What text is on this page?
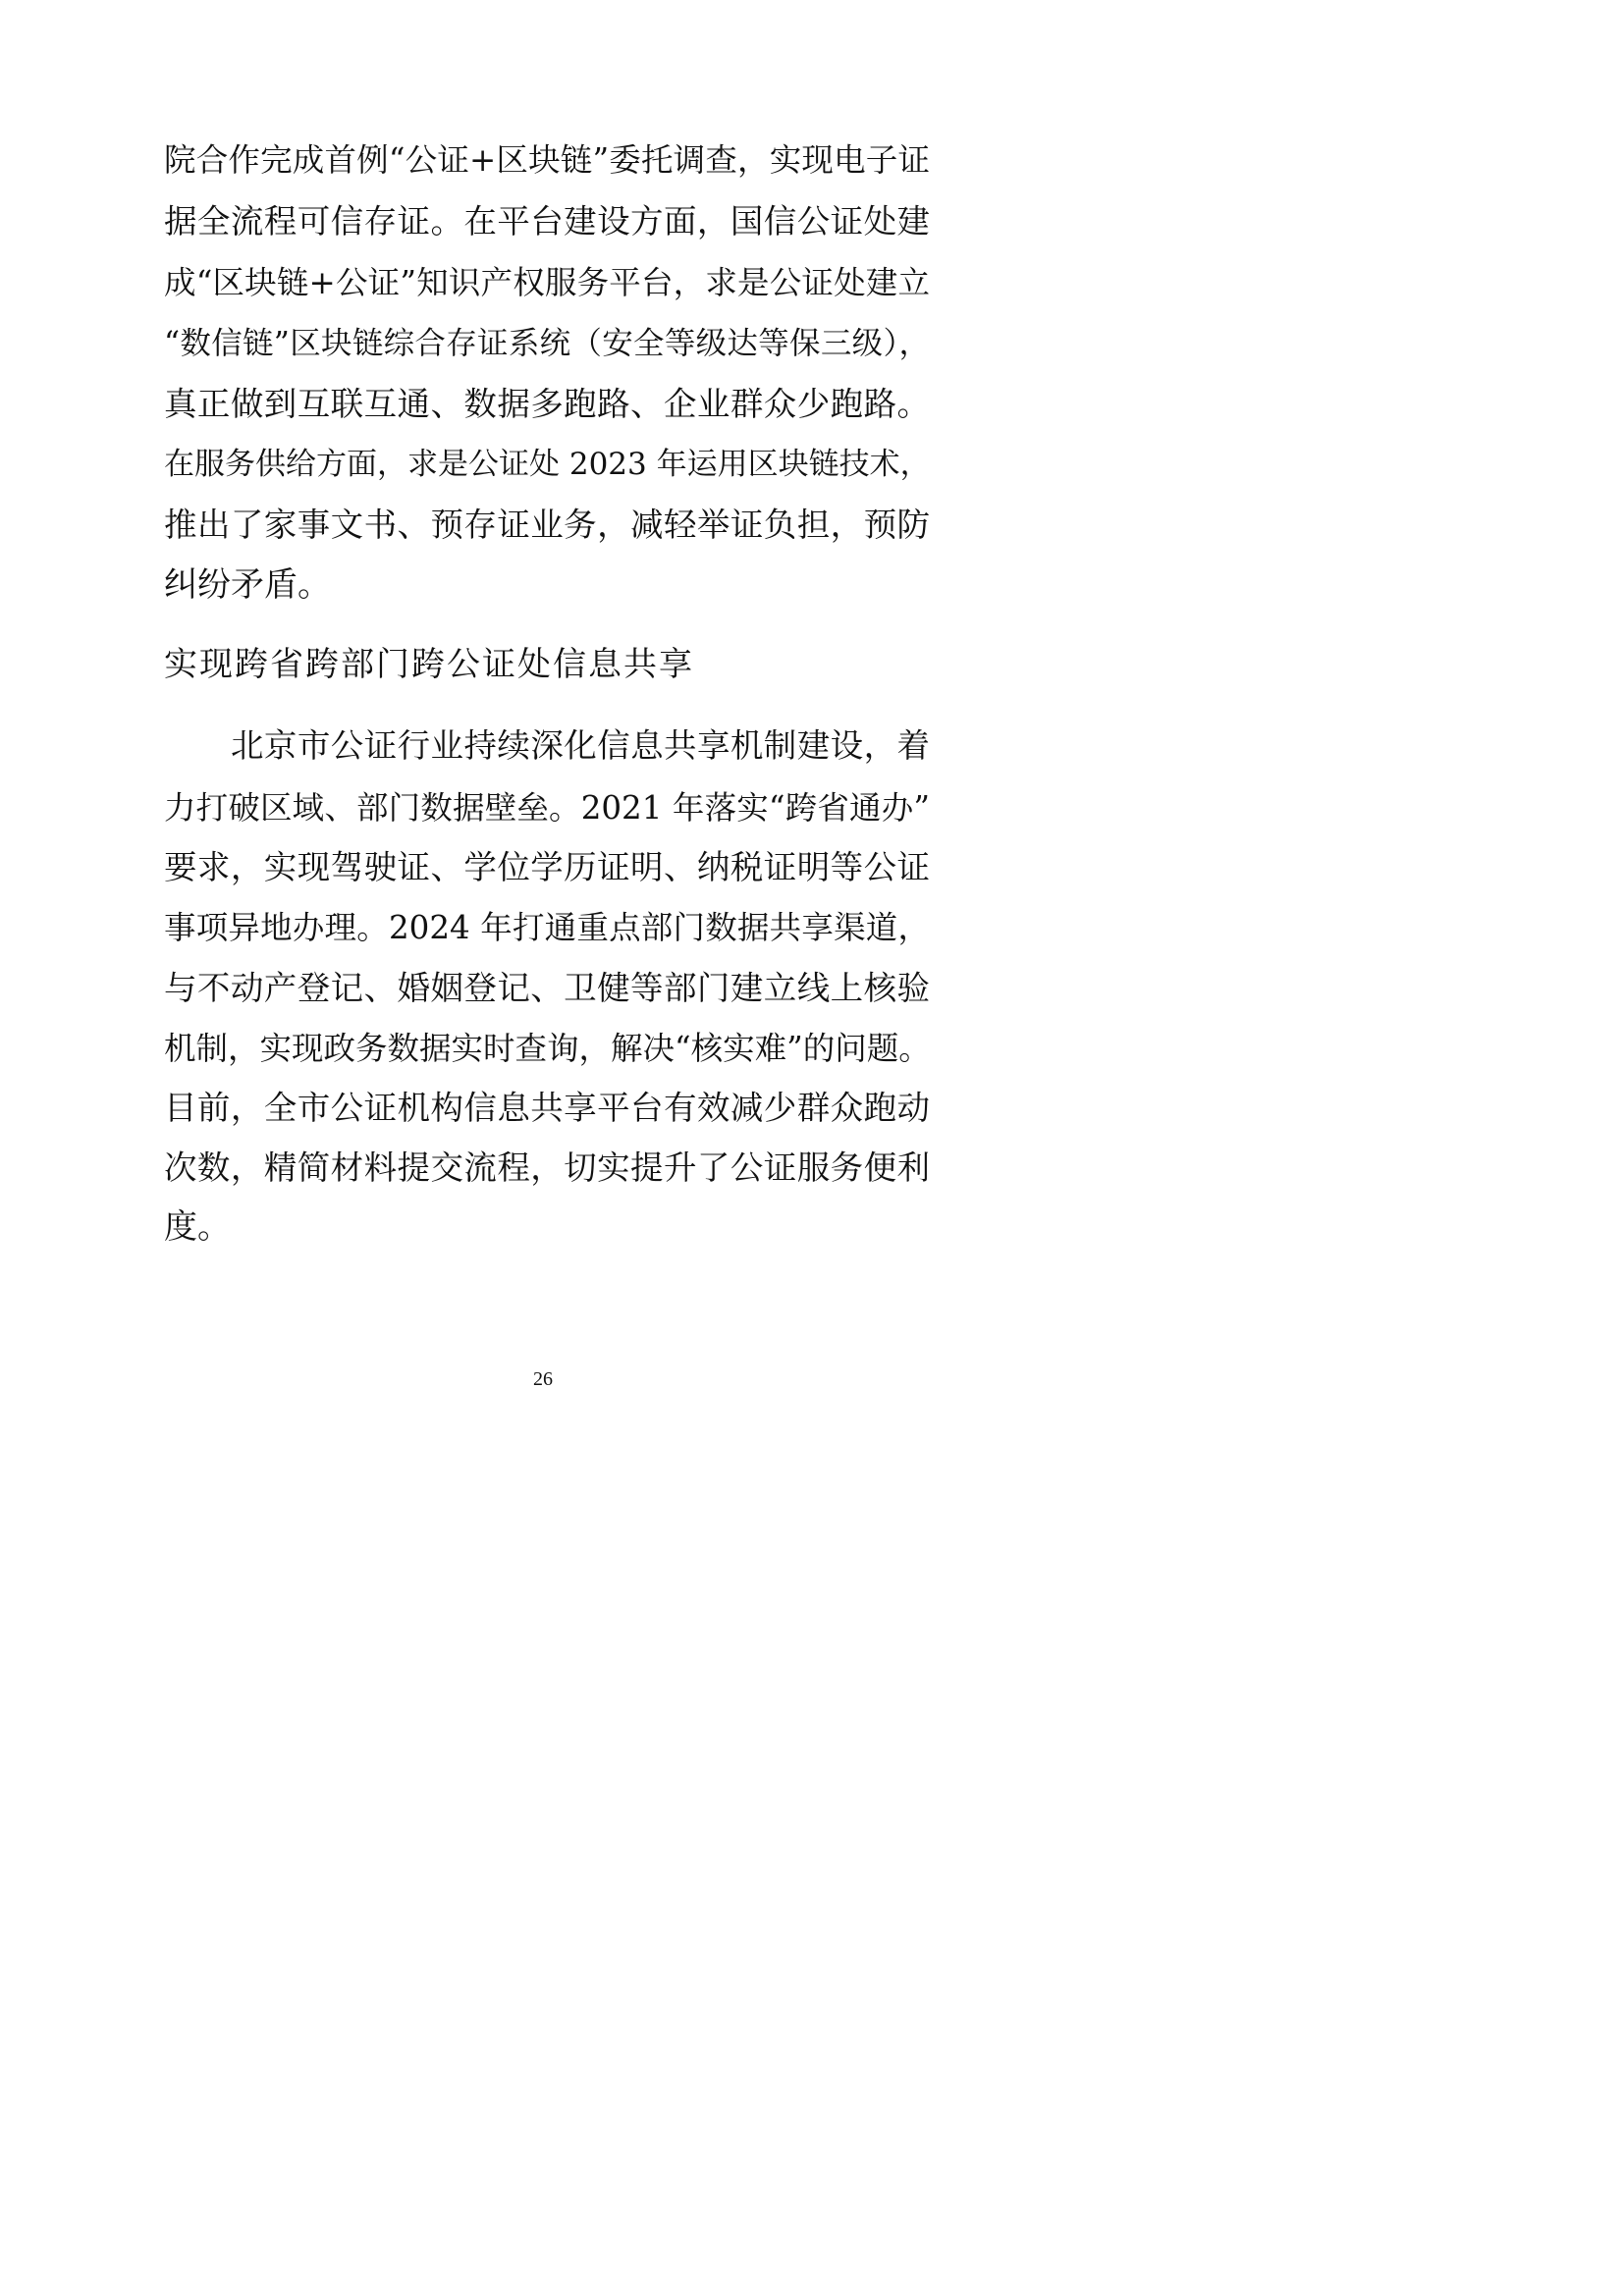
院合作完成首例“公证+区块链”委托调查，实现电子证
据全流程可信存证。在平台建设方面，国信公证处建
成“区块链+公证”知识产权服务平台，求是公证处建立
“数信链”区块链综合存证系统（安全等级达等保三级），
真正做到互联互通、数据多跑路、企业群众少跑路。
在服务供给方面，求是公证处 2023 年运用区块链技术，
推出了家事文书、预存证业务，减轻举证负担，预防
纠纷矛盾。
实现跨省跨部门跨公证处信息共享
北京市公证行业持续深化信息共享机制建设，着
力打破区域、部门数据壁垒。2021 年落实“跨省通办”
要求，实现驾驶证、学位学历证明、纳税证明等公证
事项异地办理。2024 年打通重点部门数据共享渠道，
与不动产登记、婚姻登记、卫健等部门建立线上核验
机制，实现政务数据实时查询，解决“核实难”的问题。
目前，全市公证机构信息共享平台有效减少群众跑动
次数，精简材料提交流程，切实提升了公证服务便利
度。
26
